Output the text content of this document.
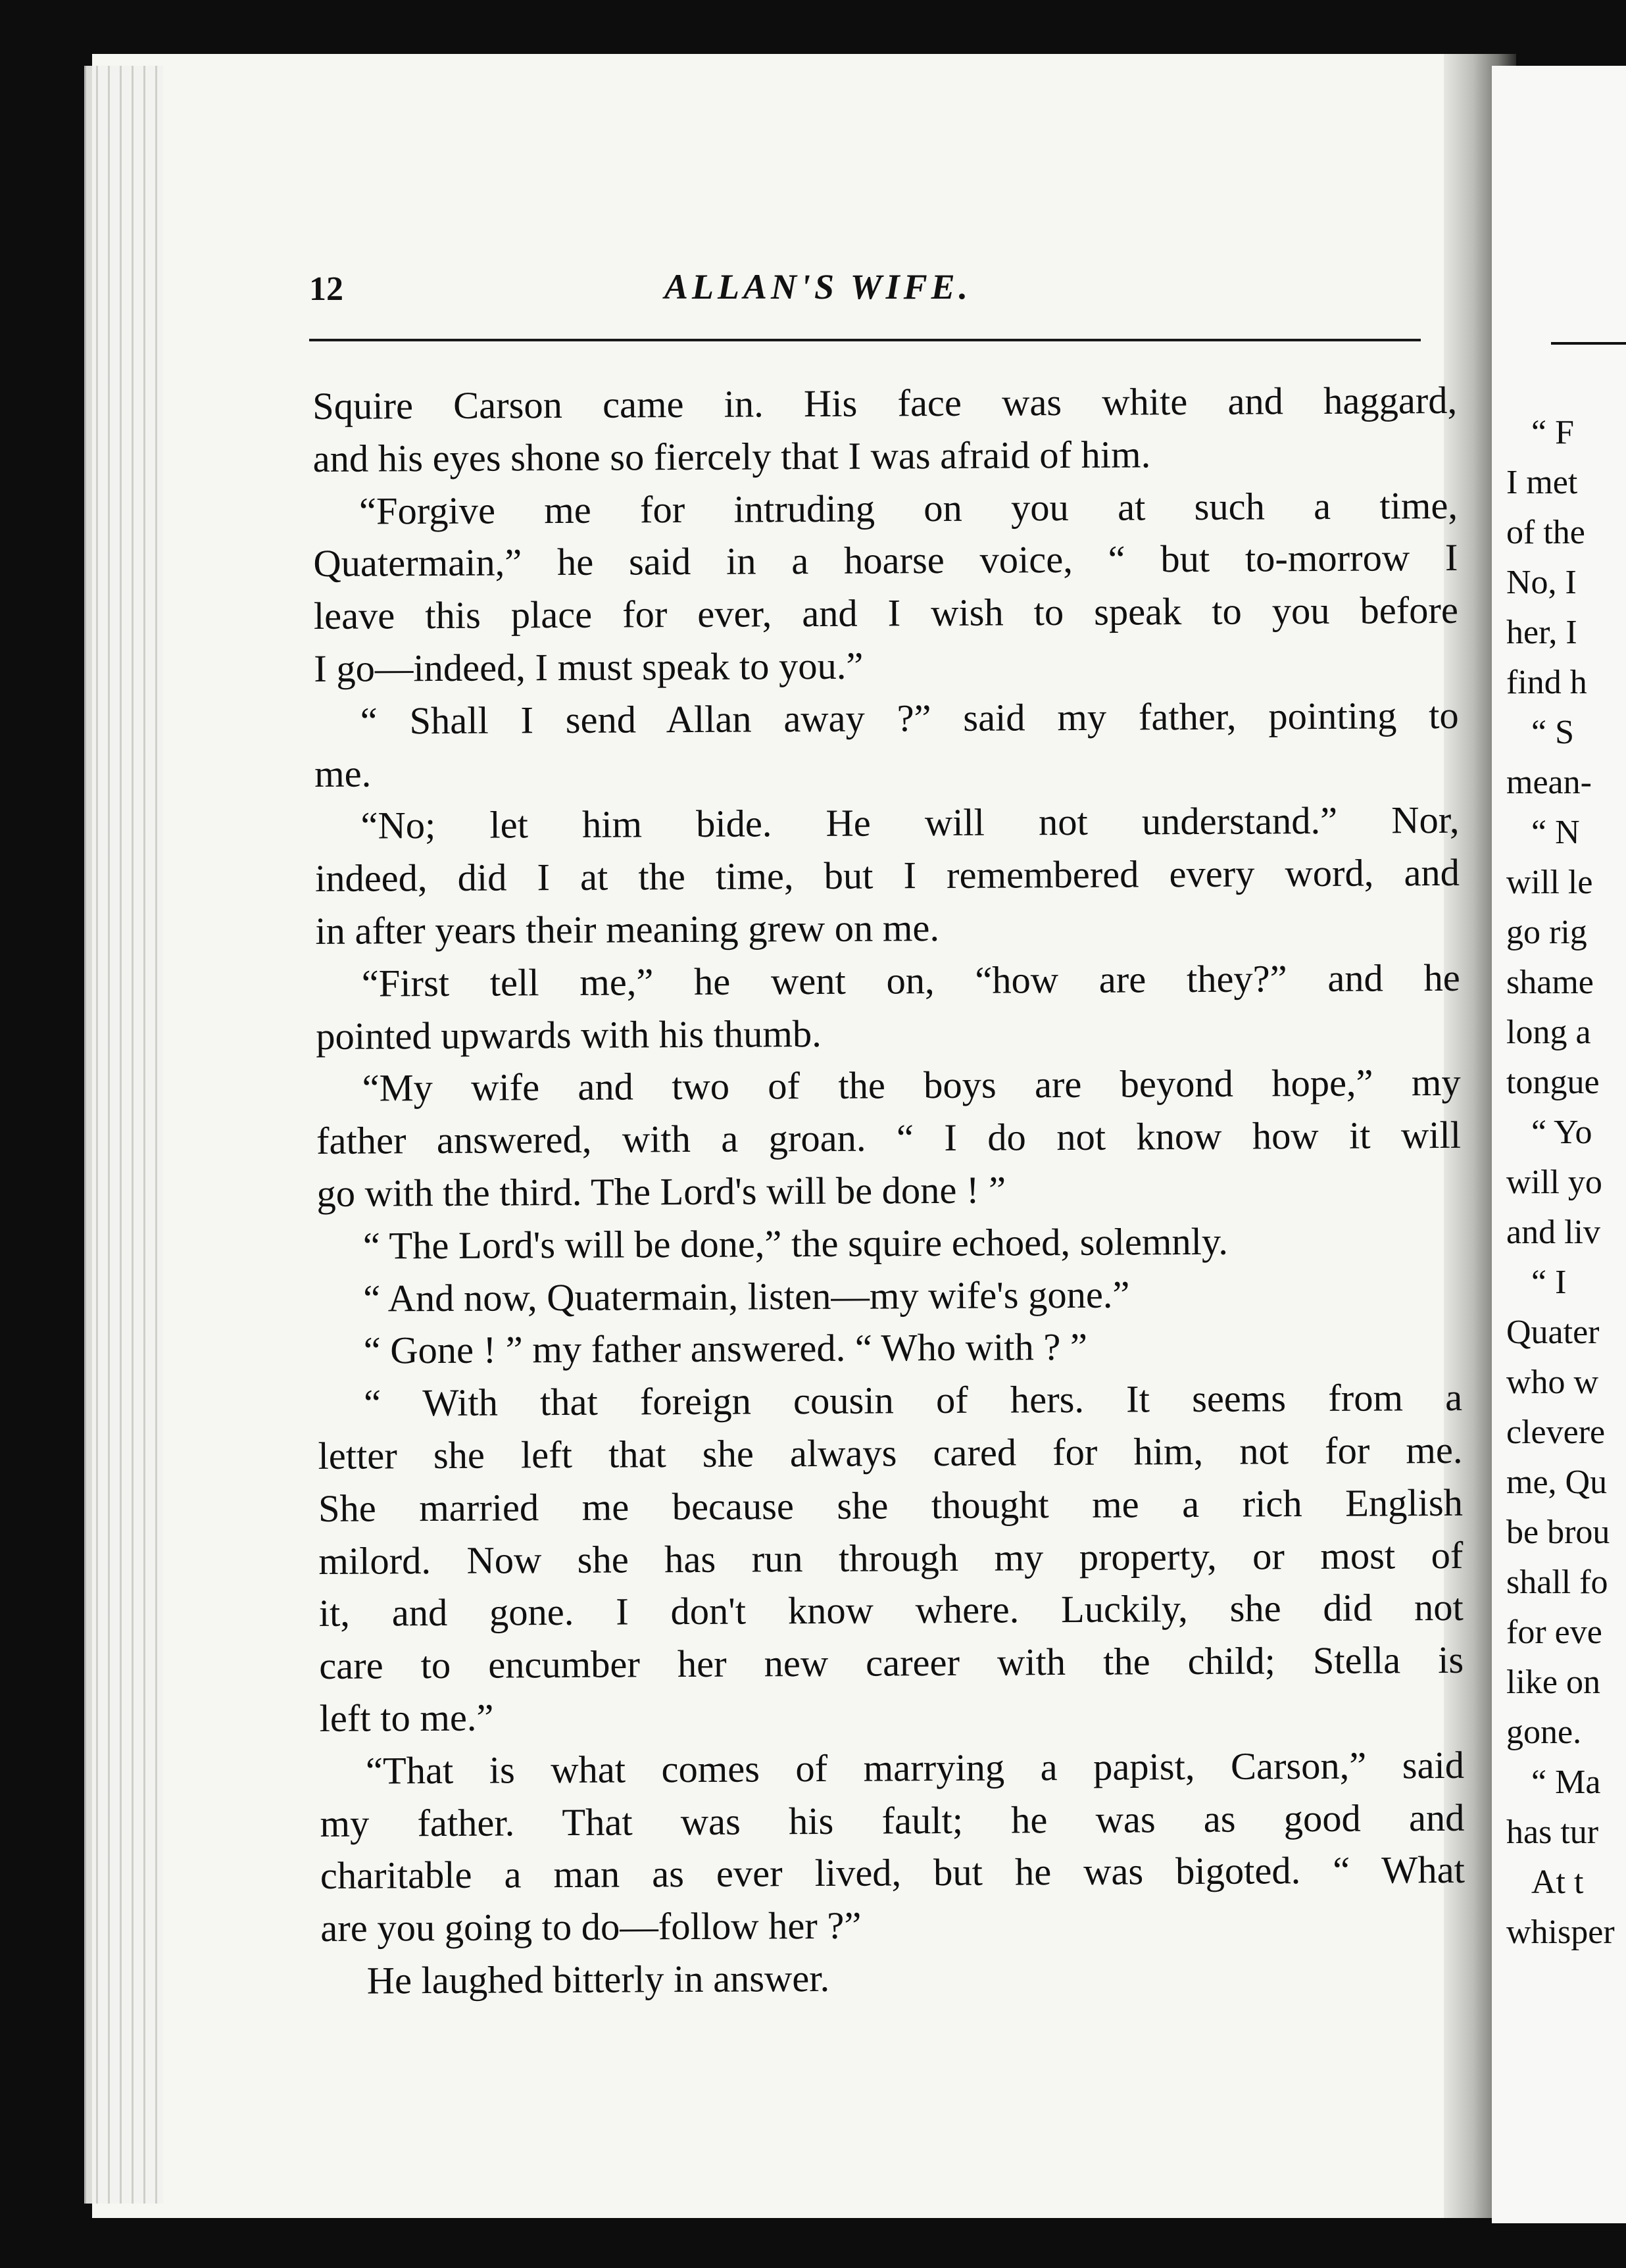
“ F
I met
of the
No, I
her, I
find h
“ S
mean-
“ N
will le
go rig
shame
long a
tongue
“ Yo
will yo
and liv
“ I
Quater
who w
clevere
me, Qu
be brou
shall fo
for eve
like on
gone.
“ Ma
has tur
At t
whisper
12	ALLAN'S WIFE.
Squire Carson came in. His face was white and haggard,
and his eyes shone so fiercely that I was afraid of him.
“Forgive me for intruding on you at such a time,
Quatermain,” he said in a hoarse voice, “ but to-morrow I
leave this place for ever, and I wish to speak to you before
I go—indeed, I must speak to you.”
“ Shall I send Allan away ?” said my father, pointing to
me.
“No; let him bide. He will not understand.” Nor,
indeed, did I at the time, but I remembered every word, and
in after years their meaning grew on me.
“First tell me,” he went on, “how are they?” and he
pointed upwards with his thumb.
“My wife and two of the boys are beyond hope,” my
father answered, with a groan. “ I do not know how it will
go with the third. The Lord's will be done ! ”
“ The Lord's will be done,” the squire echoed, solemnly.
“ And now, Quatermain, listen—my wife's gone.”
“ Gone ! ” my father answered. “ Who with ? ”
“ With that foreign cousin of hers. It seems from a
letter she left that she always cared for him, not for me.
She married me because she thought me a rich English
milord. Now she has run through my property, or most of
it, and gone. I don't know where. Luckily, she did not
care to encumber her new career with the child; Stella is
left to me.”
“That is what comes of marrying a papist, Carson,” said
my father. That was his fault; he was as good and
charitable a man as ever lived, but he was bigoted. “ What
are you going to do—follow her ?”
He laughed bitterly in answer.
